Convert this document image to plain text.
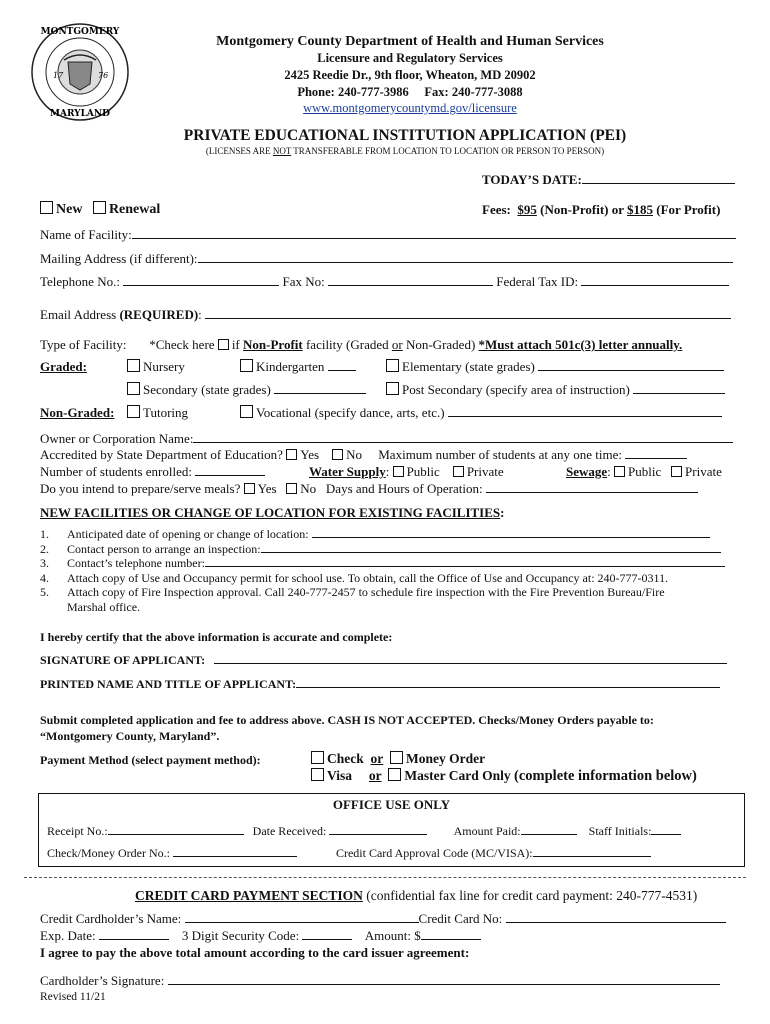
17	76
MONTGOMERY
MARYLAND
Montgomery County Department of Health and Human Services
Licensure and Regulatory Services
2425 Reedie Dr., 9th floor, Wheaton, MD 20902
Phone: 240-777-3986 Fax: 240-777-3088
www.montgomerycountymd.gov/licensure
PRIVATE EDUCATIONAL INSTITUTION APPLICATION (PEI)
(LICENSES ARE NOT TRANSFERABLE FROM LOCATION TO LOCATION OR PERSON TO PERSON)
TODAY’S DATE:
New Renewal	Fees: $95 (Non-Profit) or $185 (For Profit)
Name of Facility:
Mailing Address (if different):
Telephone No.:	Fax No:	Federal Tax ID:
Email Address (REQUIRED):
Type of Facility: *Check here if Non-Profit facility (Graded or Non-Graded) *Must attach 501c(3) letter annually.
Graded:	Nursery	Kindergarten	Elementary (state grades)
Secondary (state grades)	Post Secondary (specify area of instruction)
Non-Graded:	Tutoring	Vocational (specify dance, arts, etc.)
Owner or Corporation Name:
Accredited by State Department of Education? Yes No Maximum number of students at any one time:
Number of students enrolled:	Water Supply: Public Private	Sewage: Public Private
Do you intend to prepare/serve meals? Yes No Days and Hours of Operation:
NEW FACILITIES OR CHANGE OF LOCATION FOR EXISTING FACILITIES:
1. Anticipated date of opening or change of location:
2. Contact person to arrange an inspection:
3. Contact’s telephone number:
4. Attach copy of Use and Occupancy permit for school use. To obtain, call the Office of Use and Occupancy at: 240-777-0311.
5. Attach copy of Fire Inspection approval. Call 240-777-2457 to schedule fire inspection with the Fire Prevention Bureau/Fire
Marshal office.
I hereby certify that the above information is accurate and complete:
SIGNATURE OF APPLICANT:
PRINTED NAME AND TITLE OF APPLICANT:
Submit completed application and fee to address above. CASH IS NOT ACCEPTED. Checks/Money Orders payable to:
“Montgomery County, Maryland”.
Payment Method (select payment method):	Check or Money Order
Visa or Master Card Only (complete information below)
OFFICE USE ONLY
Receipt No.:	Date Received:	Amount Paid:	Staff Initials:
Check/Money Order No.:	Credit Card Approval Code (MC/VISA):
CREDIT CARD PAYMENT SECTION (confidential fax line for credit card payment: 240-777-4531)
Credit Cardholder’s Name:	Credit Card No:
Exp. Date:	3 Digit Security Code:	Amount: $
I agree to pay the above total amount according to the card issuer agreement:
Cardholder’s Signature:
Revised 11/21
